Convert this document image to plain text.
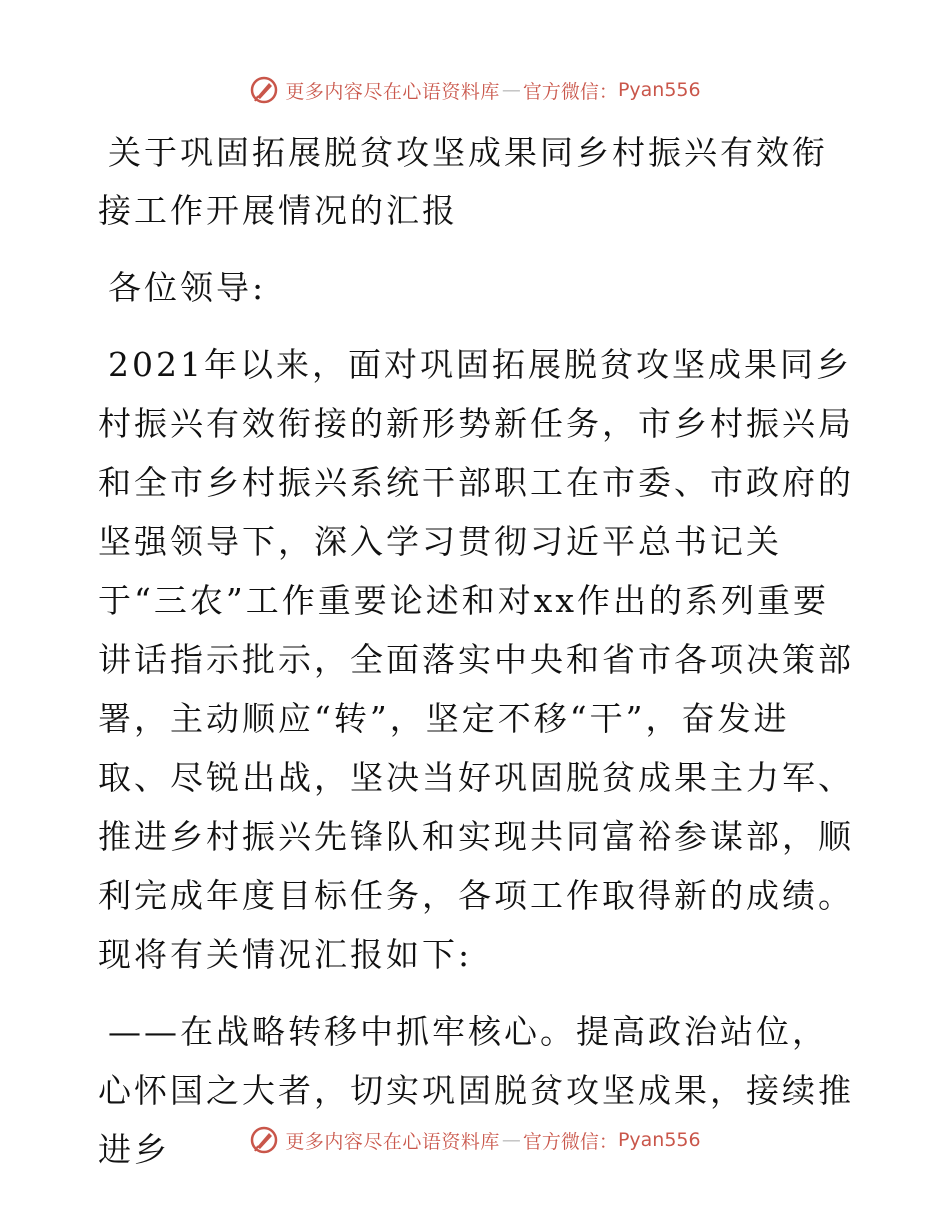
更多内容尽在心语资料库 — 官方微信： Pyan556
关于巩固拓展脱贫攻坚成果同乡村振兴有效衔接工作开展情况的汇报

各位领导:

2021年以来，面对巩固拓展脱贫攻坚成果同乡村振兴有效衔接的新形势新任务，市乡村振兴局和全市乡村振兴系统干部职工在市委、市政府的坚强领导下，深入学习贯彻习近平总书记关于“三农”工作重要论述和对xx作出的系列重要讲话指示批示，全面落实中央和省市各项决策部署，主动顺应“转”，坚定不移“干”，奋发进取、尽锐出战，坚决当好巩固脱贫成果主力军、推进乡村振兴先锋队和实现共同富裕参谋部，顺利完成年度目标任务，各项工作取得新的成绩。现将有关情况汇报如下:

——在战略转移中抓牢核心。提高政治站位，心怀国之大者，切实巩固脱贫攻坚成果，接续推进乡	更多内容尽在心语资料库 — 官方微信： Pyan556
